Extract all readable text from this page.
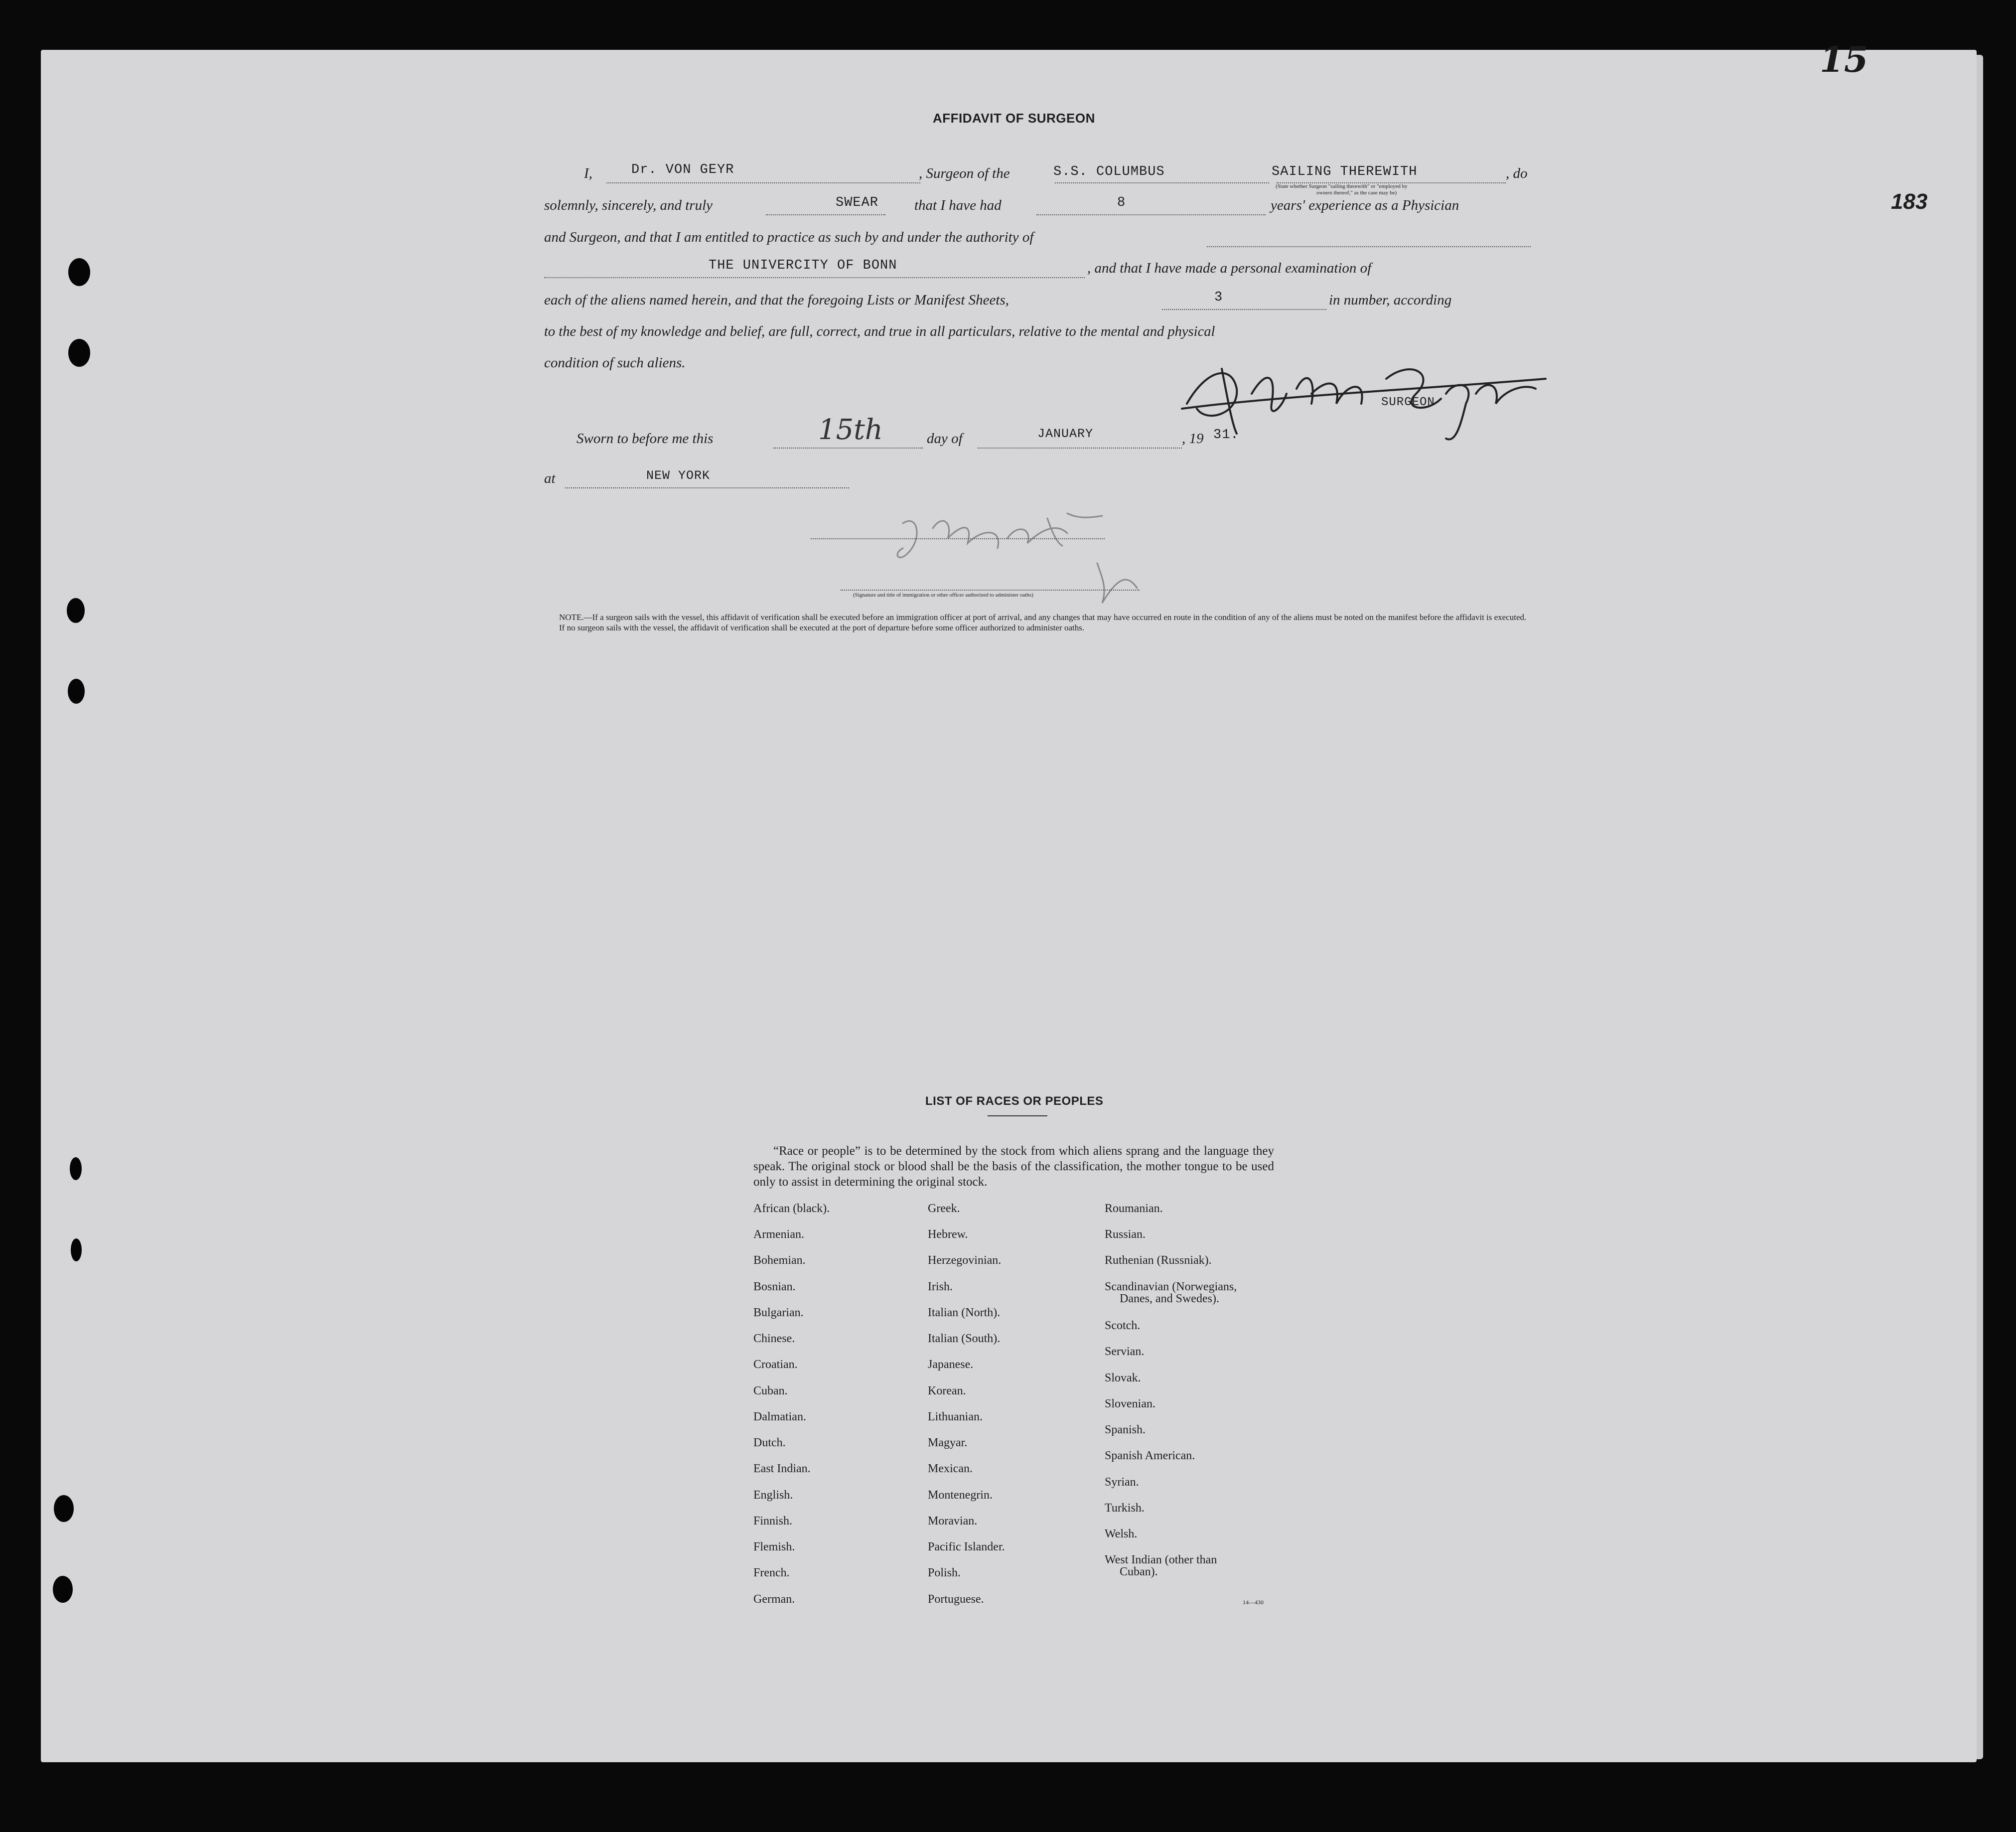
183
15
AFFIDAVIT OF SURGEON
I,	Dr. VON GEYR	, Surgeon of the	S.S. COLUMBUS	SAILING THEREWITH	, do
(State whether Surgeon "sailing therewith" or "employed by
owners thereof," as the case may be)
solemnly, sincerely, and truly	SWEAR that I have had	8	years' experience as a Physician
and Surgeon, and that I am entitled to practice as such by and under the authority of
THE UNIVERCITY OF BONN	, and that I have made a personal examination of
each of the aliens named herein, and that the foregoing Lists or Manifest Sheets,	3	in number, according
to the best of my knowledge and belief, are full, correct, and true in all particulars, relative to the mental and physical
condition of such aliens.
SURGEON
Sworn to before me this	15th	day of	JANUARY	, 19 31.
at	NEW YORK
(Signature and title of immigration or other officer authorized to administer oaths)
NOTE.—If a surgeon sails with the vessel, this affidavit of verification shall be executed before an immigration officer at port of arrival, and any changes that may have occurred en route in the condition of any of the aliens must be noted on the manifest before the affidavit is executed.
If no surgeon sails with the vessel, the affidavit of verification shall be executed at the port of departure before some officer authorized to administer oaths.
LIST OF RACES OR PEOPLES
“Race or people” is to be determined by the stock from which aliens sprang and the language they speak. The original stock or blood shall be the basis of the classification, the mother tongue to be used only to assist in determining the original stock.
African (black).
Armenian.
Bohemian.
Bosnian.
Bulgarian.
Chinese.
Croatian.
Cuban.
Dalmatian.
Dutch.
East Indian.
English.
Finnish.
Flemish.
French.
German.
Greek.
Hebrew.
Herzegovinian.
Irish.
Italian (North).
Italian (South).
Japanese.
Korean.
Lithuanian.
Magyar.
Mexican.
Montenegrin.
Moravian.
Pacific Islander.
Polish.
Portuguese.
Roumanian.
Russian.
Ruthenian (Russniak).
Scandinavian (Norwegians,
Danes, and Swedes).
Scotch.
Servian.
Slovak.
Slovenian.
Spanish.
Spanish American.
Syrian.
Turkish.
Welsh.
West Indian (other than
Cuban).
14—430
